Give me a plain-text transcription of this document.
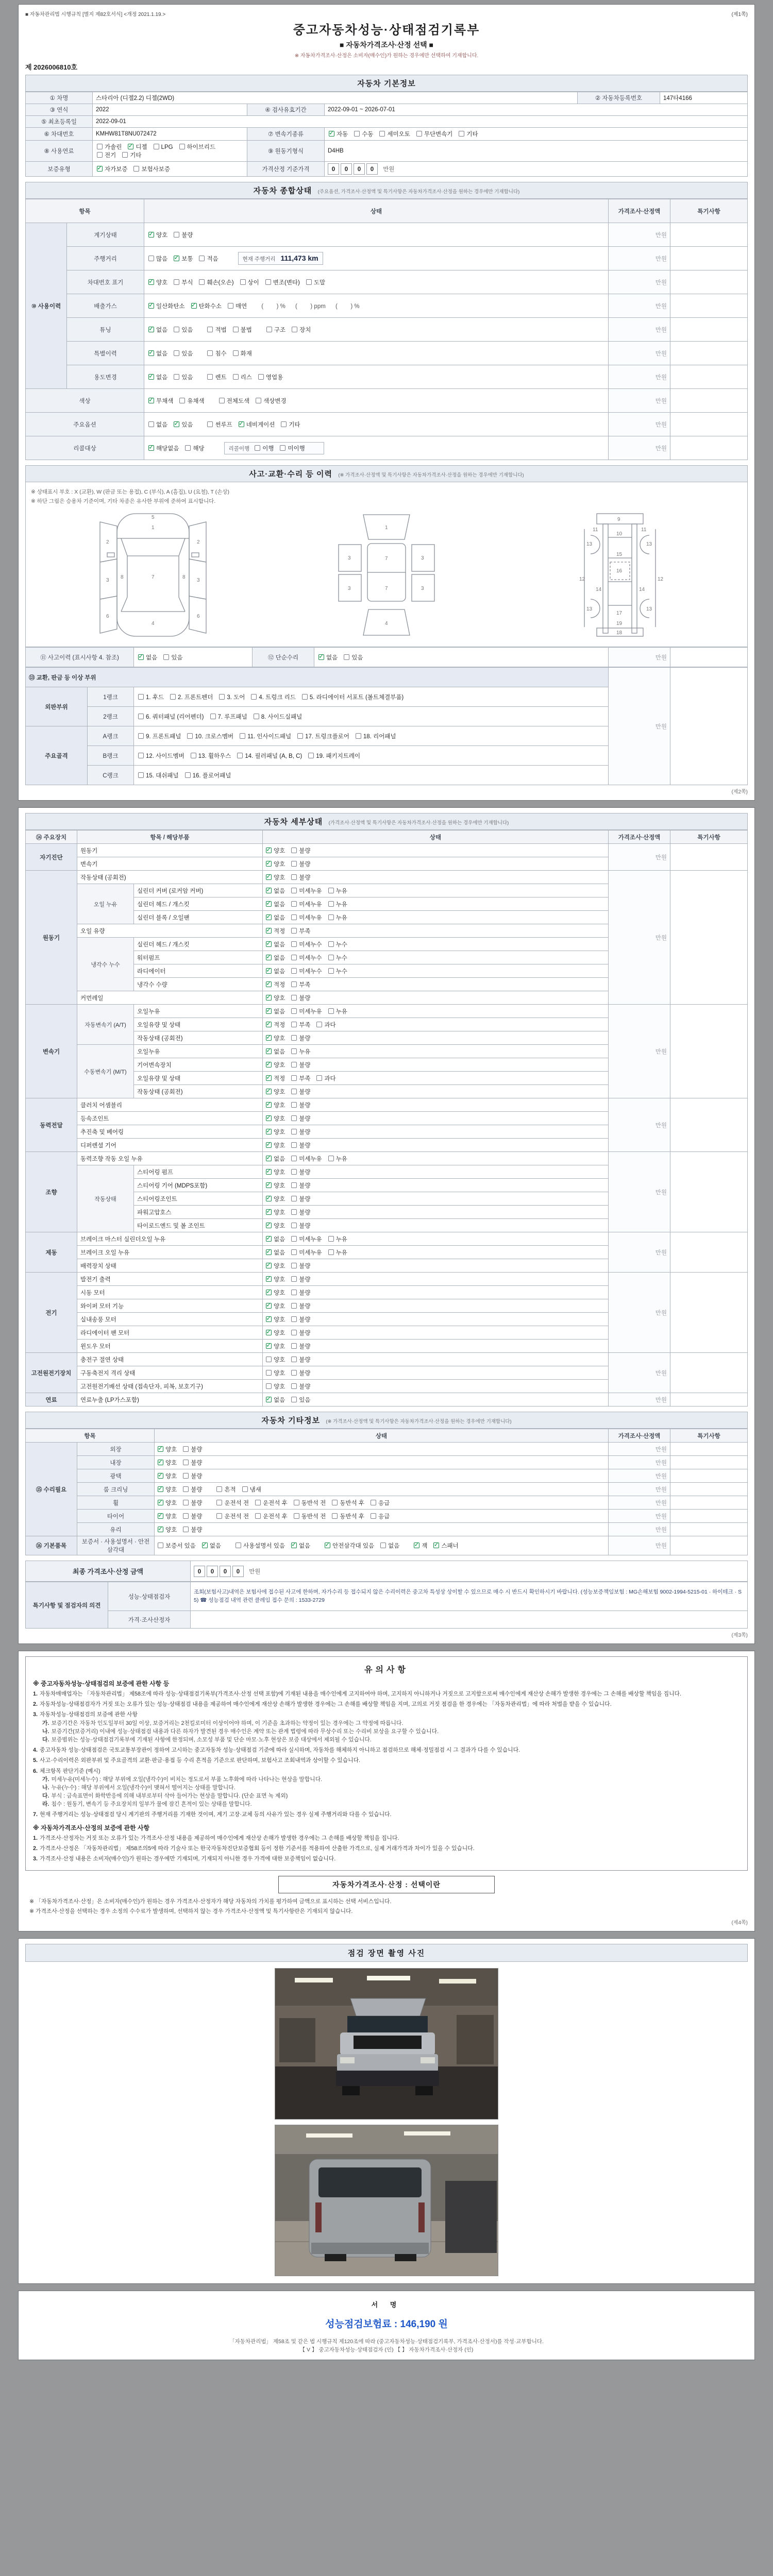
■ 자동차관리법 시행규칙 [별지 제82호서식] <개정 2021.1.19.>	(제1쪽)
중고자동차성능·상태점검기록부
■ 자동차가격조사·산정 선택 ■
※ 자동차가격조사·산정은 소비자(매수인)가 원하는 경우에만 선택하여 기재합니다.
제 2026006810호
자동차 기본정보
① 차명	스타리아 (디젤2.2) 디젤(2WD)			② 자동차등록번호	147타4166
③ 연식	2022	④ 검사유효기간	2022-09-01 ~ 2026-07-01		
⑤ 최초등록일	2022-09-01				
⑥ 차대번호	KMHW81T8NU072472	⑦ 변속기종류	✓자동 수동 세미오토 무단변속기 기타
⑧ 사용연료	가솔린 ✓ 디젤 LPG 하이브리드전기 기타	⑨ 원동기형식	D4HB		
보증유형	✓자가보증 보험사보증	가격산정 기준가격	0 0 0 0 만원		
자동차 종합상태 (주요옵션, 가격조사·산정액 및 특기사항은 자동차가격조사·산정을 원하는 경우에만 기재합니다)
항목		상태	가격조사·산정액	특기사항
⑩ 사용이력	계기상태	✓양호 불량	만원	
	주행거리	많음 ✓ 보통 적음 현재 주행거리 111,473 km	만원	
	차대번호 표기	✓양호 부식 훼손(오손) 상이 변조(변타) 도말	만원	
	배출가스	✓일산화탄소 ✓ 탄화수소 매연 (        ) %      (        ) ppm      (        ) %	만원	
	튜닝	✓없음 있음 적법 불법 구조 장치	만원	
	특별이력	✓없음 있음 침수 화재	만원	
	용도변경	✓없음 있음 렌트 리스 영업용	만원	
색상	✓무채색 유채색 전체도색 색상변경	만원	
주요옵션		없음 ✓ 있음 썬루프 ✓ 네비게이션 기타	만원	
리콜대상	✓해당없음 해당 리콜이행 이행 미이행	만원	
사고·교환·수리 등 이력 (※ 가격조사·산정액 및 특기사항은 자동차가격조사·산정을 원하는 경우에만 기재합니다)
※ 상태표시 부호 : X (교환), W (판금 또는 용접), C (부식), A (흠집), U (요철), T (손상)
※ 하단 그림은 승용차 기준이며, 기타 차종은 유사한 부위에 준하여 표시합니다.
1
5
2	2
3	3
6	6
7
8	8
4
1
3	3
3	3
7
7
4
9
10
11	11
12	12
13	13
13	13
14	14
15
16
17
18
19
⑪ 사고이력 (표시사항 4. 참조)	✓없음 있음	⑫ 단순수리	✓없음 있음	만원	
⑬ 교환, 판금 등 이상 부위			만원	
외판부위	1랭크	1. 후드 2. 프론트펜더 3. 도어 4. 트렁크 리드 5. 라디에이터 서포트 (볼트체결부품)		
	2랭크	6. 쿼터패널 (리어펜더) 7. 루프패널 8. 사이드실패널		
주요골격	A랭크	9. 프론트패널 10. 크로스멤버 11. 인사이드패널 17. 트렁크플로어 18. 리어패널		
	B랭크	12. 사이드멤버 13. 휠하우스 14. 필러패널 (A, B, C) 19. 패키지트레이		
	C랭크	15. 대쉬패널 16. 플로어패널		
(제2쪽)
자동차 세부상태 (가격조사·산정액 및 특기사항은 자동차가격조사·산정을 원하는 경우에만 기재합니다)
⑭ 주요장치	항목 / 해당부품		상태	가격조사·산정액	특기사항
자기진단	원동기	✓양호 불량	만원	
	변속기	✓양호 불량
원동기	작동상태 (공회전)	✓양호 불량	만원	
	오일 누유	실린더 커버 (로커암 커버)	✓없음 미세누유 누유
		실린더 헤드 / 개스킷	✓없음 미세누유 누유
		실린더 블록 / 오일팬	✓없음 미세누유 누유
	오일 유량	✓적정 부족
	냉각수 누수	실린더 헤드 / 개스킷	✓없음 미세누수 누수
		워터펌프	✓없음 미세누수 누수
		라디에이터	✓없음 미세누수 누수
		냉각수 수량	✓적정 부족
	커먼레일	✓양호 불량
변속기	자동변속기 (A/T)	오일누유	✓없음 미세누유 누유	만원	
		오일유량 및 상태	✓적정 부족 과다
		작동상태 (공회전)	✓양호 불량
	수동변속기 (M/T)	오일누유	✓없음 누유
		기어변속장치	✓양호 불량
		오일유량 및 상태	✓적정 부족 과다
		작동상태 (공회전)	✓양호 불량
동력전달	클러치 어셈블리	✓양호 불량	만원	
	등속조인트	✓양호 불량
	추진축 및 베어링	✓양호 불량
	디퍼렌셜 기어	✓양호 불량
조향	동력조향 작동 오일 누유	✓없음 미세누유 누유	만원	
	작동상태	스티어링 펌프	✓양호 불량
		스티어링 기어 (MDPS포함)	✓양호 불량
		스티어링조인트	✓양호 불량
		파워고압호스	✓양호 불량
		타이로드엔드 및 볼 조인트	✓양호 불량
제동	브레이크 마스터 실린더오일 누유	✓없음 미세누유 누유	만원	
	브레이크 오일 누유	✓없음 미세누유 누유
	배력장치 상태	✓양호 불량
전기	발전기 출력	✓양호 불량	만원	
	시동 모터	✓양호 불량
	와이퍼 모터 기능	✓양호 불량
	실내송풍 모터	✓양호 불량
	라디에이터 팬 모터	✓양호 불량
	윈도우 모터	✓양호 불량
고전원전기장치	충전구 절연 상태		양호 불량	만원	
	구동축전지 격리 상태		양호 불량		
	고전원전기배선 상태 (접속단자, 피복, 보호기구)		양호 불량		
연료	연료누출 (LP가스포함)	✓없음 있음	만원	
자동차 기타정보 (※ 가격조사·산정액 및 특기사항은 자동차가격조사·산정을 원하는 경우에만 기재합니다)
항목		상태	가격조사·산정액	특기사항
⑮ 수리필요	외장	✓양호 불량	만원	
	내장	✓양호 불량	만원	
	광택	✓양호 불량	만원	
	룸 크리닝	✓양호 불량 흔적 냄새	만원	
	휠	✓양호 불량 운전석 전 운전석 후 동반석 전 동반석 후 응급	만원	
	타이어	✓양호 불량 운전석 전 운전석 후 동반석 전 동반석 후 응급	만원	
	유리	✓양호 불량	만원	
⑯ 기본품목	보증서 · 사용설명서 · 안전삼각대	보증서 있음 ✓ 없음 사용설명서 있음 ✓ 없음 ✓ 안전삼각대 있음 없음 ✓ 잭 ✓ 스패너	만원	
최종 가격조사·산정 금액	0 0 0 0 만원
특기사항 및 점검자의 의견	성능·상태점검자	조회(보험사고)내역은 보험사에 접수된 사고에 한하며, 자가수리 등 접수되지 않은 수리이력은 중고차 특성상 상이할 수 있으므로 매수 시 반드시 확인하시기 바랍니다. (성능보증책임보험 : MG손해보험 9002-1994-5215-01 · 하이테크 · S5) ☎ 성능점검 내역 관련 클레임 접수 문의 : 1533-2729
	가격·조사산정자	
(제3쪽)
유의사항
※ 중고자동차성능·상태점검의 보증에 관한 사항 등
1. 자동차매매업자는 「자동차관리법」 제58조에 따라 성능·상태점검기록부(가격조사·산정 선택 포함)에 기재된 내용을 매수인에게 고지하여야 하며, 고지하지 아니하거나 거짓으로 고지함으로써 매수인에게 재산상 손해가 발생한 경우에는 그 손해를 배상할 책임을 집니다.
2. 자동차성능·상태점검자가 거짓 또는 오류가 있는 성능·상태점검 내용을 제공하여 매수인에게 재산상 손해가 발생한 경우에는 그 손해를 배상할 책임을 지며, 고의로 거짓 점검을 한 경우에는 「자동차관리법」에 따라 처벌을 받을 수 있습니다.
3. 자동차성능·상태점검의 보증에 관한 사항
가. 보증기간은 자동차 인도일부터 30일 이상, 보증거리는 2천킬로미터 이상이어야 하며, 이 기준을 초과하는 약정이 있는 경우에는 그 약정에 따릅니다.
나. 보증기간(보증거리) 이내에 성능·상태점검 내용과 다른 하자가 발견된 경우 매수인은 계약 또는 관계 법령에 따라 무상수리 또는 수리비 보상을 요구할 수 있습니다.
다. 보증범위는 성능·상태점검기록부에 기재된 사항에 한정되며, 소모성 부품 및 단순 마모·노후 현상은 보증 대상에서 제외될 수 있습니다.
4. 중고자동차 성능·상태점검은 국토교통부장관이 정하여 고시하는 중고자동차 성능·상태점검 기준에 따라 실시하며, 자동차를 해체하지 아니하고 점검하므로 해체·정밀점검 시 그 결과가 다를 수 있습니다.
5. 사고·수리이력은 외판부위 및 주요골격의 교환·판금·용접 등 수리 흔적을 기준으로 판단하며, 보험사고 조회내역과 상이할 수 있습니다.
6. 체크항목 판단기준 (예시)
가. 미세누유(미세누수) : 해당 부위에 오일(냉각수)이 비치는 정도로서 부품 노후화에 따라 나타나는 현상을 말합니다.
나. 누유(누수) : 해당 부위에서 오일(냉각수)이 맺혀서 떨어지는 상태를 말합니다.
다. 부식 : 금속표면이 화학반응에 의해 내부로부터 삭아 들어가는 현상을 말합니다. (단순 표면 녹 제외)
라. 침수 : 원동기, 변속기 등 주요장치의 일부가 물에 잠긴 흔적이 있는 상태를 말합니다.
7. 현재 주행거리는 성능·상태점검 당시 계기판의 주행거리를 기재한 것이며, 계기 고장·교체 등의 사유가 있는 경우 실제 주행거리와 다를 수 있습니다.
※ 자동차가격조사·산정의 보증에 관한 사항
1. 가격조사·산정자는 거짓 또는 오류가 있는 가격조사·산정 내용을 제공하여 매수인에게 재산상 손해가 발생한 경우에는 그 손해를 배상할 책임을 집니다.
2. 가격조사·산정은 「자동차관리법」 제58조의5에 따라 기술사 또는 한국자동차진단보증협회 등이 정한 기준서를 적용하여 산출한 가격으로, 실제 거래가격과 차이가 있을 수 있습니다.
3. 가격조사·산정 내용은 소비자(매수인)가 원하는 경우에만 기재되며, 기재되지 아니한 경우 가격에 대한 보증책임이 없습니다.
자동차가격조사·산정 : 선택이란
※ 「자동차가격조사·산정」은 소비자(매수인)가 원하는 경우 가격조사·산정자가 해당 자동차의 가치를 평가하여 금액으로 표시하는 선택 서비스입니다.
※ 가격조사·산정을 선택하는 경우 소정의 수수료가 발생하며, 선택하지 않는 경우 가격조사·산정액 및 특기사항란은 기재되지 않습니다.
(제4쪽)
점검 장면 촬영 사진
서 명
성능점검보험료 : 146,190 원
「자동차관리법」 제58조 및 같은 법 시행규칙 제120조에 따라 (중고자동차성능·상태점검기록부, 가격조사·산정서)를 작성·교부합니다.
【 V 】 중고자동차성능·상태점검자 (인) 【 】 자동차가격조사·산정자 (인)
